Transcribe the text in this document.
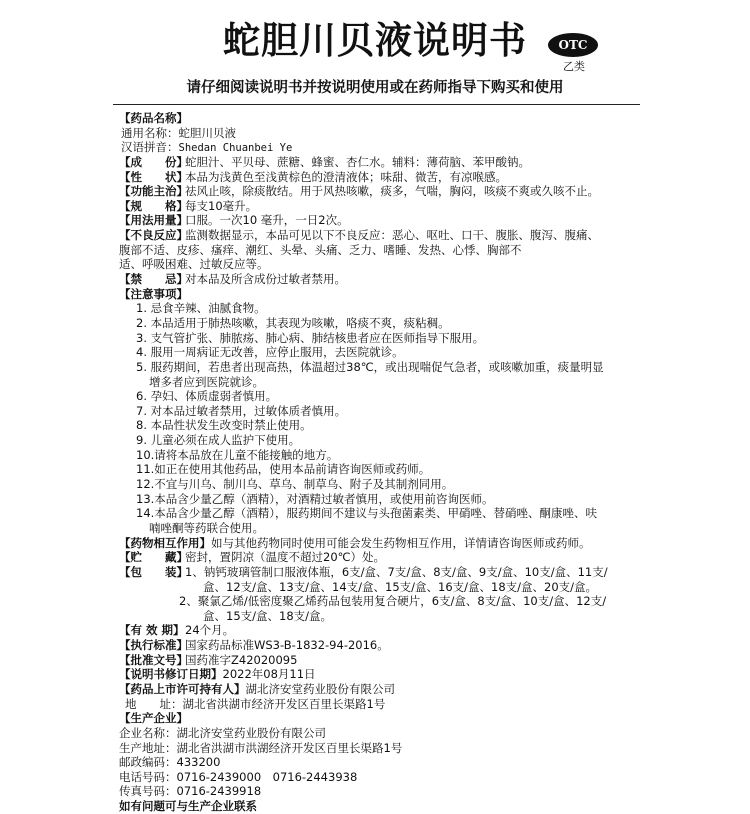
蛇胆川贝液说明书	OTC
乙类
请仔细阅读说明书并按说明使用或在药师指导下购买和使用
【药品名称】
通用名称：蛇胆川贝液
汉语拼音：Shedan Chuanbei Ye
【成　　份】蛇胆汁、平贝母、蔗糖、蜂蜜、杏仁水。辅料：薄荷脑、苯甲酸钠。
【性　　状】本品为浅黄色至浅黄棕色的澄清液体；味甜、微苦，有凉喉感。
【功能主治】祛风止咳，除痰散结。用于风热咳嗽，痰多，气喘，胸闷，咳痰不爽或久咳不止。
【规　　格】每支10毫升。
【用法用量】口服。一次10 毫升，一日2次。
【不良反应】监测数据显示，本品可见以下不良反应：恶心、呕吐、口干、腹胀、腹泻、腹痛、
腹部不适、皮疹、瘙痒、潮红、头晕、头痛、乏力、嗜睡、发热、心悸、胸部不
适、呼吸困难、过敏反应等。
【禁　　忌】对本品及所含成份过敏者禁用。
【注意事项】
1. 忌食辛辣、油腻食物。
2. 本品适用于肺热咳嗽，其表现为咳嗽，咯痰不爽，痰粘稠。
3. 支气管扩张、肺脓疡、肺心病、肺结核患者应在医师指导下服用。
4. 服用一周病证无改善，应停止服用，去医院就诊。
5. 服药期间，若患者出现高热，体温超过38℃，或出现喘促气急者，或咳嗽加重，痰量明显
增多者应到医院就诊。
6. 孕妇、体质虚弱者慎用。
7. 对本品过敏者禁用，过敏体质者慎用。
8. 本品性状发生改变时禁止使用。
9. 儿童必须在成人监护下使用。
10.请将本品放在儿童不能接触的地方。
11.如正在使用其他药品，使用本品前请咨询医师或药师。
12.不宜与川乌、制川乌、草乌、制草乌、附子及其制剂同用。
13.本品含少量乙醇（酒精），对酒精过敏者慎用，或使用前咨询医师。
14.本品含少量乙醇（酒精），服药期间不建议与头孢菌素类、甲硝唑、替硝唑、酮康唑、呋
喃唑酮等药联合使用。
【药物相互作用】如与其他药物同时使用可能会发生药物相互作用，详情请咨询医师或药师。
【贮　　藏】密封，置阴凉（温度不超过20℃）处。
【包　　装】1、钠钙玻璃管制口服液体瓶，6支/盒、7支/盒、8支/盒、9支/盒、10支/盒、11支/
盒、12支/盒、13支/盒、14支/盒、15支/盒、16支/盒、18支/盒、20支/盒。
2、聚氯乙烯/低密度聚乙烯药品包装用复合硬片，6支/盒、8支/盒、10支/盒、12支/
盒、15支/盒、18支/盒。
【有 效 期】24个月。
【执行标准】国家药品标准WS3-B-1832-94-2016。
【批准文号】国药准字Z42020095
【说明书修订日期】2022年08月11日
【药品上市许可持有人】湖北济安堂药业股份有限公司
地　　址：湖北省洪湖市经济开发区百里长渠路1号
【生产企业】
企业名称：湖北济安堂药业股份有限公司
生产地址：湖北省洪湖市洪湖经济开发区百里长渠路1号
邮政编码：433200
电话号码：0716-2439000　0716-2443938
传真号码：0716-2439918
如有问题可与生产企业联系
